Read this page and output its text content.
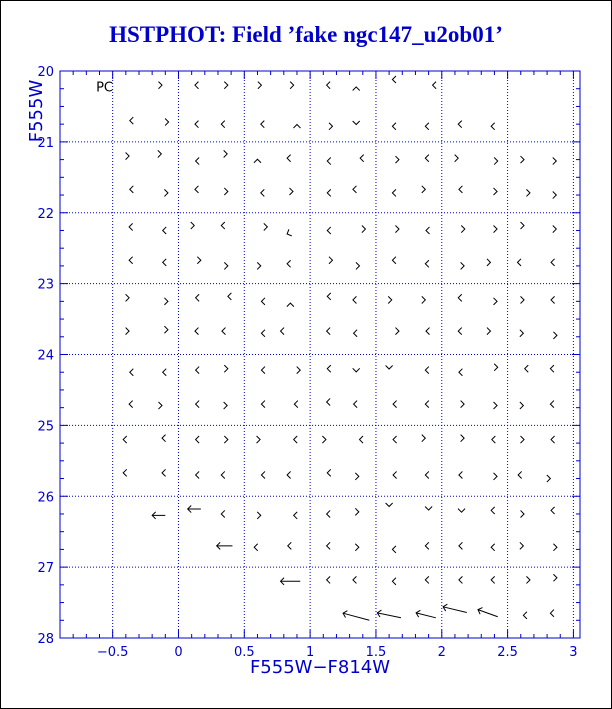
HSTPHOT: Field ’fake ngc147_u2ob01’
−0.5	0	0.5	1	1.5	2	2.5	3
20
21
22
23
24
25
26
27
28
F555W−F814W
F555W	PC
